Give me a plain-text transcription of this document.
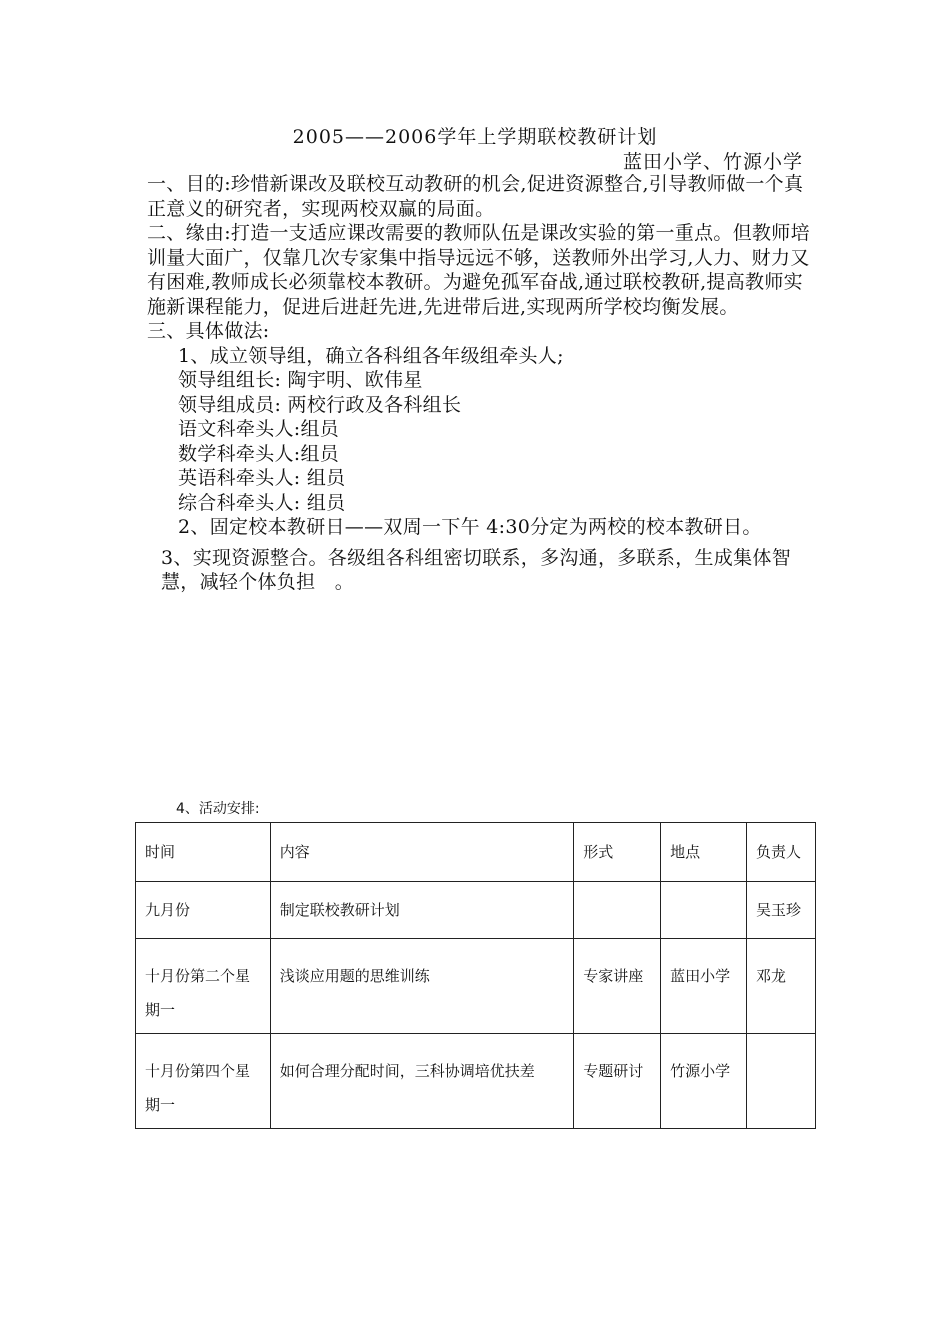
2005——2006学年上学期联校教研计划
蓝田小学、竹源小学

一、目的:珍惜新课改及联校互动教研的机会,促进资源整合,引导教师做一个真正意义的研究者，实现两校双赢的局面。

二、缘由:打造一支适应课改需要的教师队伍是课改实验的第一重点。但教师培训量大面广，仅靠几次专家集中指导远远不够，送教师外出学习,人力、财力又有困难,教师成长必须靠校本教研。为避免孤军奋战,通过联校教研,提高教师实施新课程能力，促进后进赶先进,先进带后进,实现两所学校均衡发展。

三、具体做法:

1、成立领导组，确立各科组各年级组牵头人;

领导组组长: 陶宇明、欧伟星

领导组成员: 两校行政及各科组长

语文科牵头人:组员

数学科牵头人:组员

英语科牵头人: 组员

综合科牵头人: 组员

2、固定校本教研日——双周一下午 4:30分定为两校的校本教研日。

3、实现资源整合。各级组各科组密切联系，多沟通，多联系，生成集体智慧，减轻个体负担　。

4、活动安排:
时间	内容	形式	地点	负责人
九月份	制定联校教研计划			吴玉珍
十月份第二个星期一	浅谈应用题的思维训练	专家讲座	蓝田小学	邓龙
十月份第四个星期一	如何合理分配时间，三科协调培优扶差	专题研讨	竹源小学	
